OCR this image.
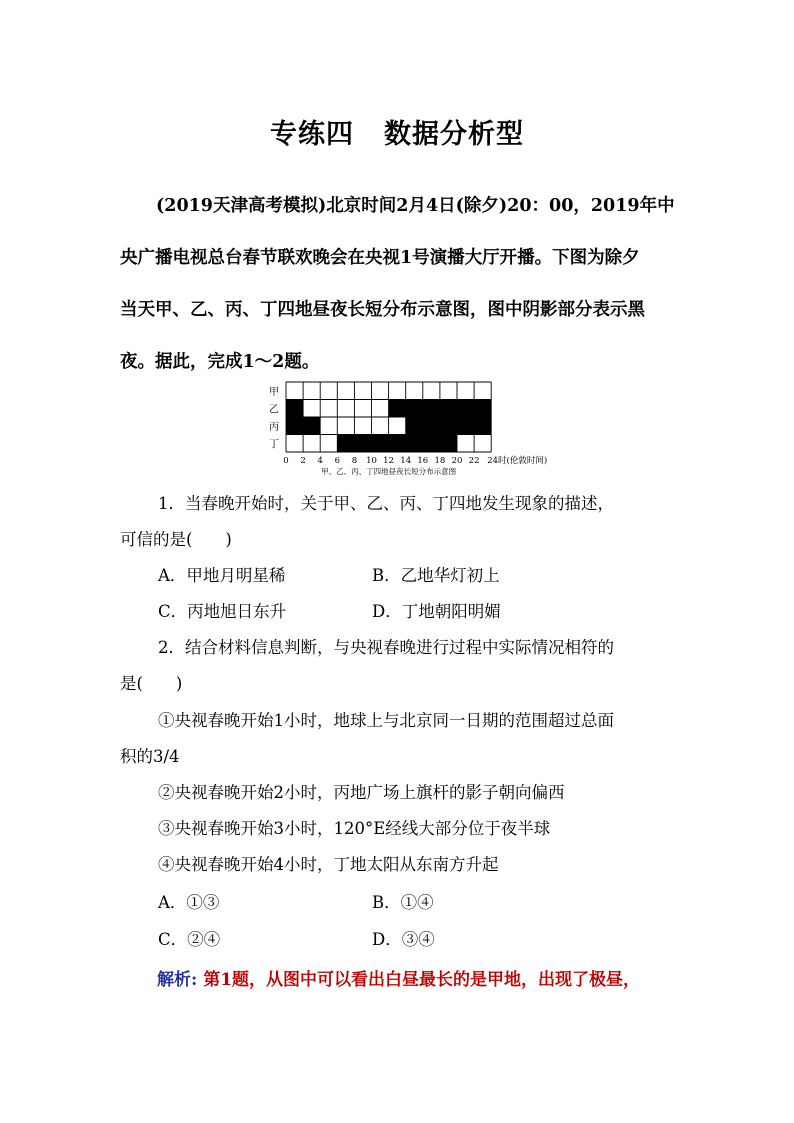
专练四 数据分析型

(2019天津高考模拟)北京时间2月4日(除夕)20：00，2019年中

央广播电视总台春节联欢晚会在央视1号演播大厅开播。下图为除夕

当天甲、乙、丙、丁四地昼夜长短分布示意图，图中阴影部分表示黑

夜。据此，完成1～2题。

甲
乙
丙
丁
0 2 4 6 8 10 12 14 16 18 20 22 24时(伦敦时间)
甲、乙、丙、丁四地昼夜长短分布示意图
1．当春晚开始时，关于甲、乙、丙、丁四地发生现象的描述，
可信的是(　　)
A．甲地月明星稀	B．乙地华灯初上
C．丙地旭日东升	D．丁地朝阳明媚
2．结合材料信息判断，与央视春晚进行过程中实际情况相符的
是(　　)
①央视春晚开始1小时，地球上与北京同一日期的范围超过总面
积的3/4
②央视春晚开始2小时，丙地广场上旗杆的影子朝向偏西
③央视春晚开始3小时，120°E经线大部分位于夜半球
④央视春晚开始4小时，丁地太阳从东南方升起
A．①③	B．①④
C．②④	D．③④
解析: 第1题，从图中可以看出白昼最长的是甲地，出现了极昼，
